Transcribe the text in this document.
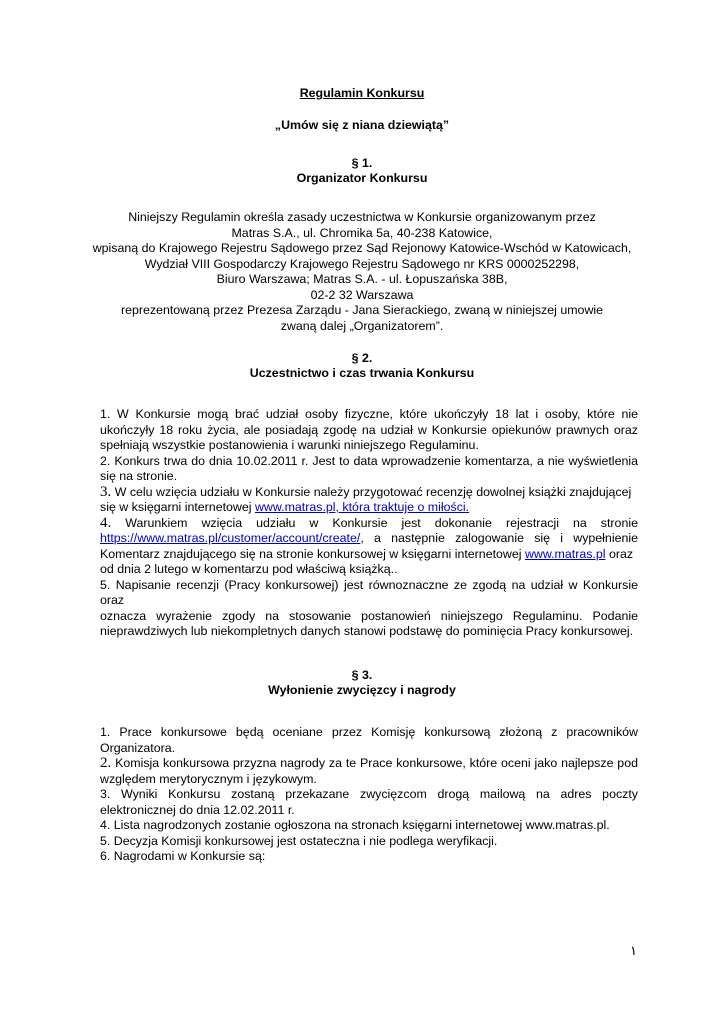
Regulamin Konkursu
„Umów się z niana dziewiątą”
§ 1.
Organizator Konkursu
Niniejszy Regulamin określa zasady uczestnictwa w Konkursie organizowanym przez
Matras S.A., ul. Chromika 5a, 40-238 Katowice,
wpisaną do Krajowego Rejestru Sądowego przez Sąd Rejonowy Katowice-Wschód w Katowicach,
Wydział VIII Gospodarczy Krajowego Rejestru Sądowego nr KRS 0000252298,
Biuro Warszawa; Matras S.A. - ul. Łopuszańska 38B,
02-2 32 Warszawa
reprezentowaną przez Prezesa Zarządu - Jana Sierackiego, zwaną w niniejszej umowie
zwaną dalej „Organizatorem”.
§ 2.
Uczestnictwo i czas trwania Konkursu
1. W Konkursie mogą brać udział osoby fizyczne, które ukończyły 18 lat i osoby, które nie
ukończyły 18 roku życia, ale posiadają zgodę na udział w Konkursie opiekunów prawnych oraz
spełniają wszystkie postanowienia i warunki niniejszego Regulaminu.
2. Konkurs trwa do dnia 10.02.2011 r. Jest to data wprowadzenie komentarza, a nie wyświetlenia
się na stronie.
3. W celu wzięcia udziału w Konkursie należy przygotować recenzję dowolnej książki znajdującej
się w księgarni internetowej www.matras.pl, która traktuje o miłości.
4. Warunkiem wzięcia udziału w Konkursie jest dokonanie rejestracji na stronie
https://www.matras.pl/customer/account/create/, a następnie zalogowanie się i wypełnienie
Komentarz znajdującego się na stronie konkursowej w księgarni internetowej www.matras.pl oraz
od dnia 2 lutego w komentarzu pod właściwą książką..
5. Napisanie recenzji (Pracy konkursowej) jest równoznaczne ze zgodą na udział w Konkursie oraz
oznacza wyrażenie zgody na stosowanie postanowień niniejszego Regulaminu. Podanie
nieprawdziwych lub niekompletnych danych stanowi podstawę do pominięcia Pracy konkursowej.
§ 3.
Wyłonienie zwycięzcy i nagrody
1. Prace konkursowe będą oceniane przez Komisję konkursową złożoną z pracowników
Organizatora.
2. Komisja konkursowa przyzna nagrody za te Prace konkursowe, które oceni jako najlepsze pod
względem merytorycznym i językowym.
3. Wyniki Konkursu zostaną przekazane zwycięzcom drogą mailową na adres poczty
elektronicznej do dnia 12.02.2011 r.
4. Lista nagrodzonych zostanie ogłoszona na stronach księgarni internetowej www.matras.pl.
5. Decyzja Komisji konkursowej jest ostateczna i nie podlega weryfikacji.
6. Nagrodami w Konkursie są:
١
